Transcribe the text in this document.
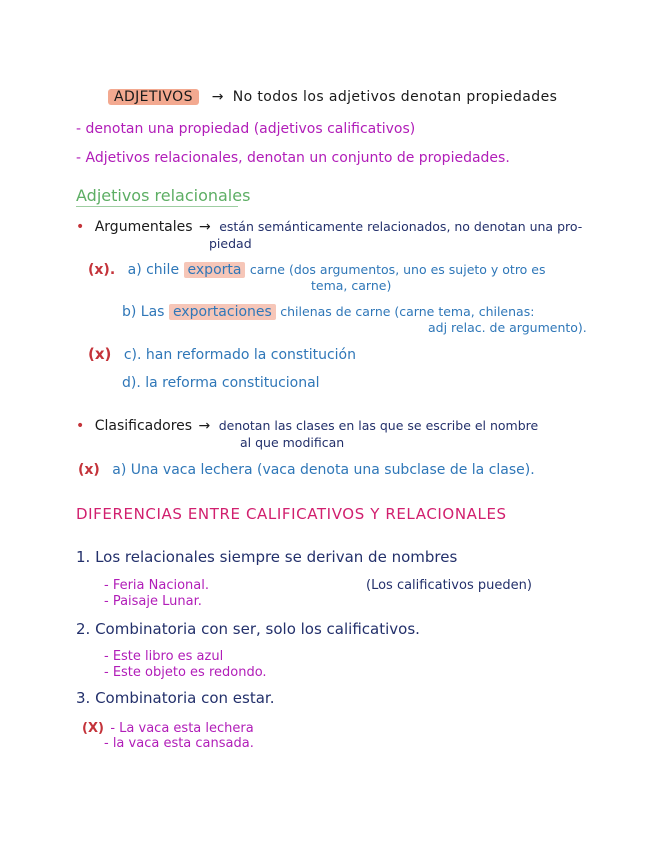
ADJETIVOS → No todos los adjetivos denotan propiedades
- denotan una propiedad (adjetivos calificativos)
- Adjetivos relacionales, denotan un conjunto de propiedades.
Adjetivos relacionales
• Argumentales → están semánticamente relacionados, no denotan una pro-
piedad
(x). a) chile exporta carne (dos argumentos, uno es sujeto y otro es
tema, carne)
b) Las exportaciones chilenas de carne (carne tema, chilenas:
adj relac. de argumento).
(x) c). han reformado la constitución
d). la reforma constitucional
• Clasificadores → denotan las clases en las que se escribe el nombre
al que modifican
(x) a) Una vaca lechera (vaca denota una subclase de la clase).
DIFERENCIAS ENTRE CALIFICATIVOS Y RELACIONALES
1. Los relacionales siempre se derivan de nombres
- Feria Nacional.
- Paisaje Lunar.
(Los calificativos pueden)
2. Combinatoria con ser, solo los calificativos.
- Este libro es azul
- Este objeto es redondo.
3. Combinatoria con estar.
(X) - La vaca esta lechera
- la vaca esta cansada.
